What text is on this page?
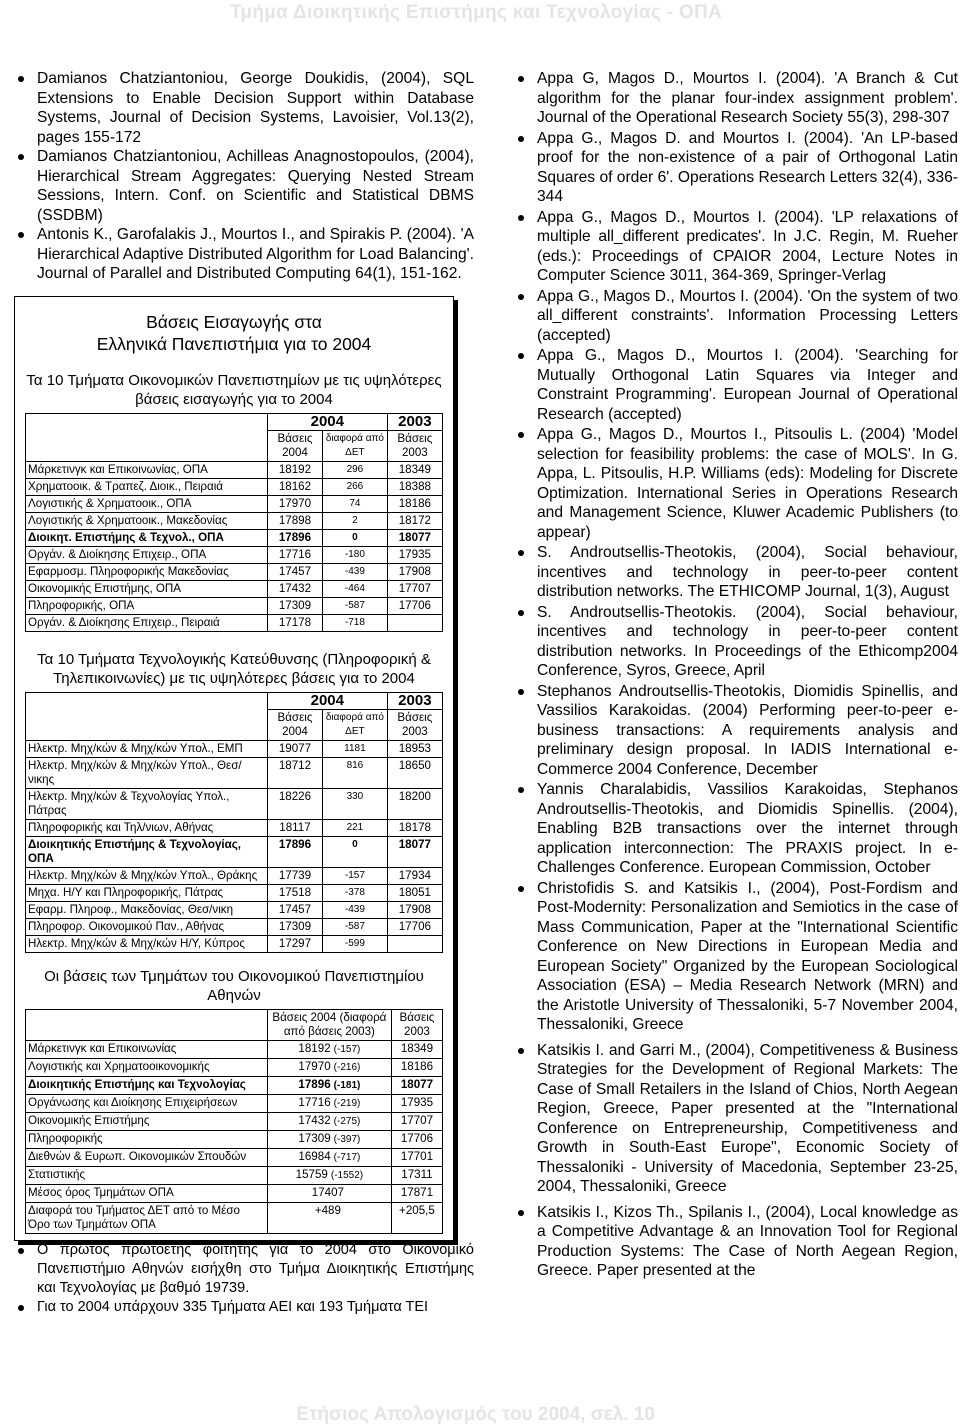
Τμήμα Διοικητικής Επιστήμης και Τεχνολογίας - ΟΠΑ
Damianos Chatziantoniou, George Doukidis, (2004), SQL Extensions to Enable Decision Support within Database Systems, Journal of Decision Systems, Lavoisier, Vol.13(2), pages 155-172
Damianos Chatziantoniou, Achilleas Anagnostopoulos, (2004), Hierarchical Stream Aggregates: Querying Nested Stream Sessions, Intern. Conf. on Scientific and Statistical DBMS (SSDBM)
Antonis K., Garofalakis J., Mourtos I., and Spirakis P. (2004). 'A Hierarchical Adaptive Distributed Algorithm for Load Balancing'. Journal of Parallel and Distributed Computing 64(1), 151-162.
Βάσεις Εισαγωγής στα
Ελληνικά Πανεπιστήμια για το 2004
Τα 10 Τμήματα Οικονομικών Πανεπιστημίων με τις υψηλότερες βάσεις εισαγωγής για το 2004
	2004		2003
	Βάσεις 2004	διαφορά από ΔΕΤ	Βάσεις 2003
Μάρκετινγκ και Επικοινωνίας, ΟΠΑ	18192	296	18349
Χρηματοοικ. & Τραπεζ. Διοικ., Πειραιά	18162	266	18388
Λογιστικής & Χρηματοοικ., ΟΠΑ	17970	74	18186
Λογιστικής & Χρηματοοικ., Μακεδονίας	17898	2	18172
Διοικητ. Επιστήμης & Τεχνολ., ΟΠΑ	17896	0	18077
Οργάν. & Διοίκησης Επιχειρ., ΟΠΑ	17716	-180	17935
Εφαρμοσμ. Πληροφορικής Μακεδονίας	17457	-439	17908
Οικονομικής Επιστήμης, ΟΠΑ	17432	-464	17707
Πληροφορικής, ΟΠΑ	17309	-587	17706
Οργάν. & Διοίκησης Επιχειρ., Πειραιά	17178	-718	
Τα 10 Τμήματα Τεχνολογικής Κατεύθυνσης (Πληροφορική & Τηλεπικοινωνίες) με τις υψηλότερες βάσεις για το 2004
	2004		2003
	Βάσεις 2004	διαφορά από ΔΕΤ	Βάσεις 2003
Ηλεκτρ. Μηχ/κών & Μηχ/κών Υπολ., ΕΜΠ	19077	1181	18953
Ηλεκτρ. Μηχ/κών & Μηχ/κών Υπολ., Θεσ/νικης	18712	816	18650
Ηλεκτρ. Μηχ/κών & Τεχνολογίας Υπολ., Πάτρας	18226	330	18200
Πληροφορικής και Τηλ/νιων, Αθήνας	18117	221	18178
Διοικητικής Επιστήμης & Τεχνολογίας, ΟΠΑ	17896	0	18077
Ηλεκτρ. Μηχ/κών & Μηχ/κών Υπολ., Θράκης	17739	-157	17934
Μηχα. Η/Υ και Πληροφορικής, Πάτρας	17518	-378	18051
Εφαρμ. Πληροφ., Μακεδονίας, Θεσ/νικη	17457	-439	17908
Πληροφορ. Οικονομικού Παν., Αθήνας	17309	-587	17706
Ηλεκτρ. Μηχ/κών & Μηχ/κών Η/Υ, Κύπρος	17297	-599	
Οι βάσεις των Τμημάτων του Οικονομικού Πανεπιστημίου Αθηνών
	Βάσεις 2004 (διαφορά από βάσεις 2003)	Βάσεις 2003
Μάρκετινγκ και Επικοινωνίας	18192 (-157)	18349
Λογιστικής και Χρηματοοικονομικής	17970 (-216)	18186
Διοικητικής Επιστήμης και Τεχνολογίας	17896 (-181)	18077
Οργάνωσης και Διοίκησης Επιχειρήσεων	17716 (-219)	17935
Οικονομικής Επιστήμης	17432 (-275)	17707
Πληροφορικής	17309 (-397)	17706
Διεθνών & Ευρωπ. Οικονομικών Σπουδών	16984 (-717)	17701
Στατιστικής	15759 (-1552)	17311
Μέσος όρος Τμημάτων ΟΠΑ	17407	17871
Διαφορά του Τμήματος ΔΕΤ από το Μέσο Όρο των Τμημάτων ΟΠΑ	+489	+205,5
Ο πρώτος πρωτοετής φοιτητής για το 2004 στο Οικονομικό Πανεπιστήμιο Αθηνών εισήχθη στο Τμήμα Διοικητικής Επιστήμης και Τεχνολογίας με βαθμό 19739.
Για το 2004 υπάρχουν 335 Τμήματα ΑΕΙ και 193 Τμήματα ΤΕΙ
Appa G, Magos D., Mourtos I. (2004). 'A Branch & Cut algorithm for the planar four-index assignment problem'. Journal of the Operational Research Society 55(3), 298-307
Appa G., Magos D. and Mourtos I. (2004). 'An LP-based proof for the non-existence of a pair of Orthogonal Latin Squares of order 6'. Operations Research Letters 32(4), 336-344
Appa G., Magos D., Mourtos I. (2004). 'LP relaxations of multiple all_different predicates'. In J.C. Regin, M. Rueher (eds.): Proceedings of CPAIOR 2004, Lecture Notes in Computer Science 3011, 364-369, Springer-Verlag
Appa G., Magos D., Mourtos I. (2004). 'On the system of two all_different constraints'. Information Processing Letters (accepted)
Appa G., Magos D., Mourtos I. (2004). 'Searching for Mutually Orthogonal Latin Squares via Integer and Constraint Programming'. European Journal of Operational Research (accepted)
Appa G., Magos D., Mourtos I., Pitsoulis L. (2004) 'Model selection for feasibility problems: the case of MOLS'. In G. Appa, L. Pitsoulis, H.P. Williams (eds): Modeling for Discrete Optimization. International Series in Operations Research and Management Science, Kluwer Academic Publishers (to appear)
S. Androutsellis-Theotokis, (2004), Social behaviour, incentives and technology in peer-to-peer content distribution networks. The ETHICOMP Journal, 1(3), August
S. Androutsellis-Theotokis. (2004), Social behaviour, incentives and technology in peer-to-peer content distribution networks. In Proceedings of the Ethicomp2004 Conference, Syros, Greece, April
Stephanos Androutsellis-Theotokis, Diomidis Spinellis, and Vassilios Karakoidas. (2004) Performing peer-to-peer e-business transactions: A requirements analysis and preliminary design proposal. In IADIS International e-Commerce 2004 Conference, December
Yannis Charalabidis, Vassilios Karakoidas, Stephanos Androutsellis-Theotokis, and Diomidis Spinellis. (2004), Enabling B2B transactions over the internet through application interconnection: The PRAXIS project. In e-Challenges Conference. European Commission, October
Christofidis S. and Katsikis I., (2004), Post-Fordism and Post-Modernity: Personalization and Semiotics in the case of Mass Communication, Paper at the "International Scientific Conference on New Directions in European Media and European Society" Organized by the European Sociological Association (ESA) – Media Research Network (MRN) and the Aristotle University of Thessaloniki, 5-7 November 2004, Thessaloniki, Greece
Katsikis I. and Garri M., (2004), Competitiveness & Business Strategies for the Development of Regional Markets: The Case of Small Retailers in the Island of Chios, North Aegean Region, Greece, Paper presented at the "International Conference on Entrepreneurship, Competitiveness and Growth in South-East Europe", Economic Society of Thessaloniki - University of Macedonia, September 23-25, 2004, Thessaloniki, Greece
Katsikis I., Kizos Th., Spilanis I., (2004), Local knowledge as a Competitive Advantage & an Innovation Tool for Regional Production Systems: The Case of North Aegean Region, Greece. Paper presented at the
Ετήσιος Απολογισμός του 2004, σελ. 10
